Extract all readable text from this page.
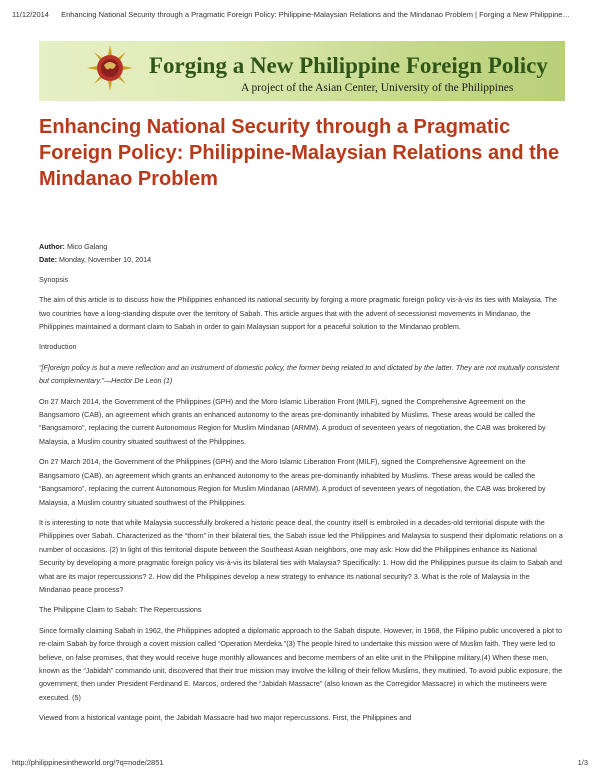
11/12/2014 Enhancing National Security through a Pragmatic Foreign Policy: Philippine-Malaysian Relations and the Mindanao Problem | Forging a New Philippine…
Forging a New Philippine Foreign Policy
A project of the Asian Center, University of the Philippines
Enhancing National Security through a Pragmatic Foreign Policy: Philippine-Malaysian Relations and the Mindanao Problem

Author: Mico Galang

Date: Monday, November 10, 2014

Synopsis

The aim of this article is to discuss how the Philippines enhanced its national security by forging a more pragmatic foreign policy vis-à-vis its ties with Malaysia. The two countries have a long-standing dispute over the territory of Sabah. This article argues that with the advent of secessionist movements in Mindanao, the Philippines maintained a dormant claim to Sabah in order to gain Malaysian support for a peaceful solution to the Mindanao problem.

Introduction

“[F]oreign policy is but a mere reflection and an instrument of domestic policy, the former being related to and dictated by the latter. They are not mutually consistent but complementary.”—Hector De Leon (1)

On 27 March 2014, the Government of the Philippines (GPH) and the Moro Islamic Liberation Front (MILF), signed the Comprehensive Agreement on the Bangsamoro (CAB), an agreement which grants an enhanced autonomy to the areas pre-dominantly inhabited by Muslims. These areas would be called the “Bangsamoro”, replacing the current Autonomous Region for Muslim Mindanao (ARMM). A product of seventeen years of negotiation, the CAB was brokered by Malaysia, a Muslim country situated southwest of the Philippines.

On 27 March 2014, the Government of the Philippines (GPH) and the Moro Islamic Liberation Front (MILF), signed the Comprehensive Agreement on the Bangsamoro (CAB), an agreement which grants an enhanced autonomy to the areas pre-dominantly inhabited by Muslims. These areas would be called the “Bangsamoro”, replacing the current Autonomous Region for Muslim Mindanao (ARMM). A product of seventeen years of negotiation, the CAB was brokered by Malaysia, a Muslim country situated southwest of the Philippines.

It is interesting to note that while Malaysia successfully brokered a historic peace deal, the country itself is embroiled in a decades-old territorial dispute with the Philippines over Sabah. Characterized as the “thorn” in their bilateral ties, the Sabah issue led the Philippines and Malaysia to suspend their diplomatic relations on a number of occasions. (2) In light of this territorial dispute between the Southeast Asian neighbors, one may ask: How did the Philippines enhance its National Security by developing a more pragmatic foreign policy vis-à-vis its bilateral ties with Malaysia? Specifically: 1. How did the Philippines pursue its claim to Sabah and what are its major repercussions? 2. How did the Philippines develop a new strategy to enhance its national security? 3. What is the role of Malaysia in the Mindanao peace process?

The Philippine Claim to Sabah: The Repercussions

Since formally claiming Sabah in 1962, the Philippines adopted a diplomatic approach to the Sabah dispute. However, in 1968, the Filipino public uncovered a plot to re-claim Sabah by force through a covert mission called “Operation Merdeka.”(3) The people hired to undertake this mission were of Muslim faith. They were led to believe, on false promises, that they would receive huge monthly allowances and become members of an elite unit in the Philippine military.(4) When these men, known as the “Jabidah” commando unit, discovered that their true mission may involve the killing of their fellow Muslims, they mutinied. To avoid public exposure, the government, then under President Ferdinand E. Marcos, ordered the “Jabidah Massacre” (also known as the Corregidor Massacre) in which the mutineers were executed. (5)

Viewed from a historical vantage point, the Jabidah Massacre had two major repercussions. First, the Philippines and

http://philippinesintheworld.org/?q=node/2851	1/3
